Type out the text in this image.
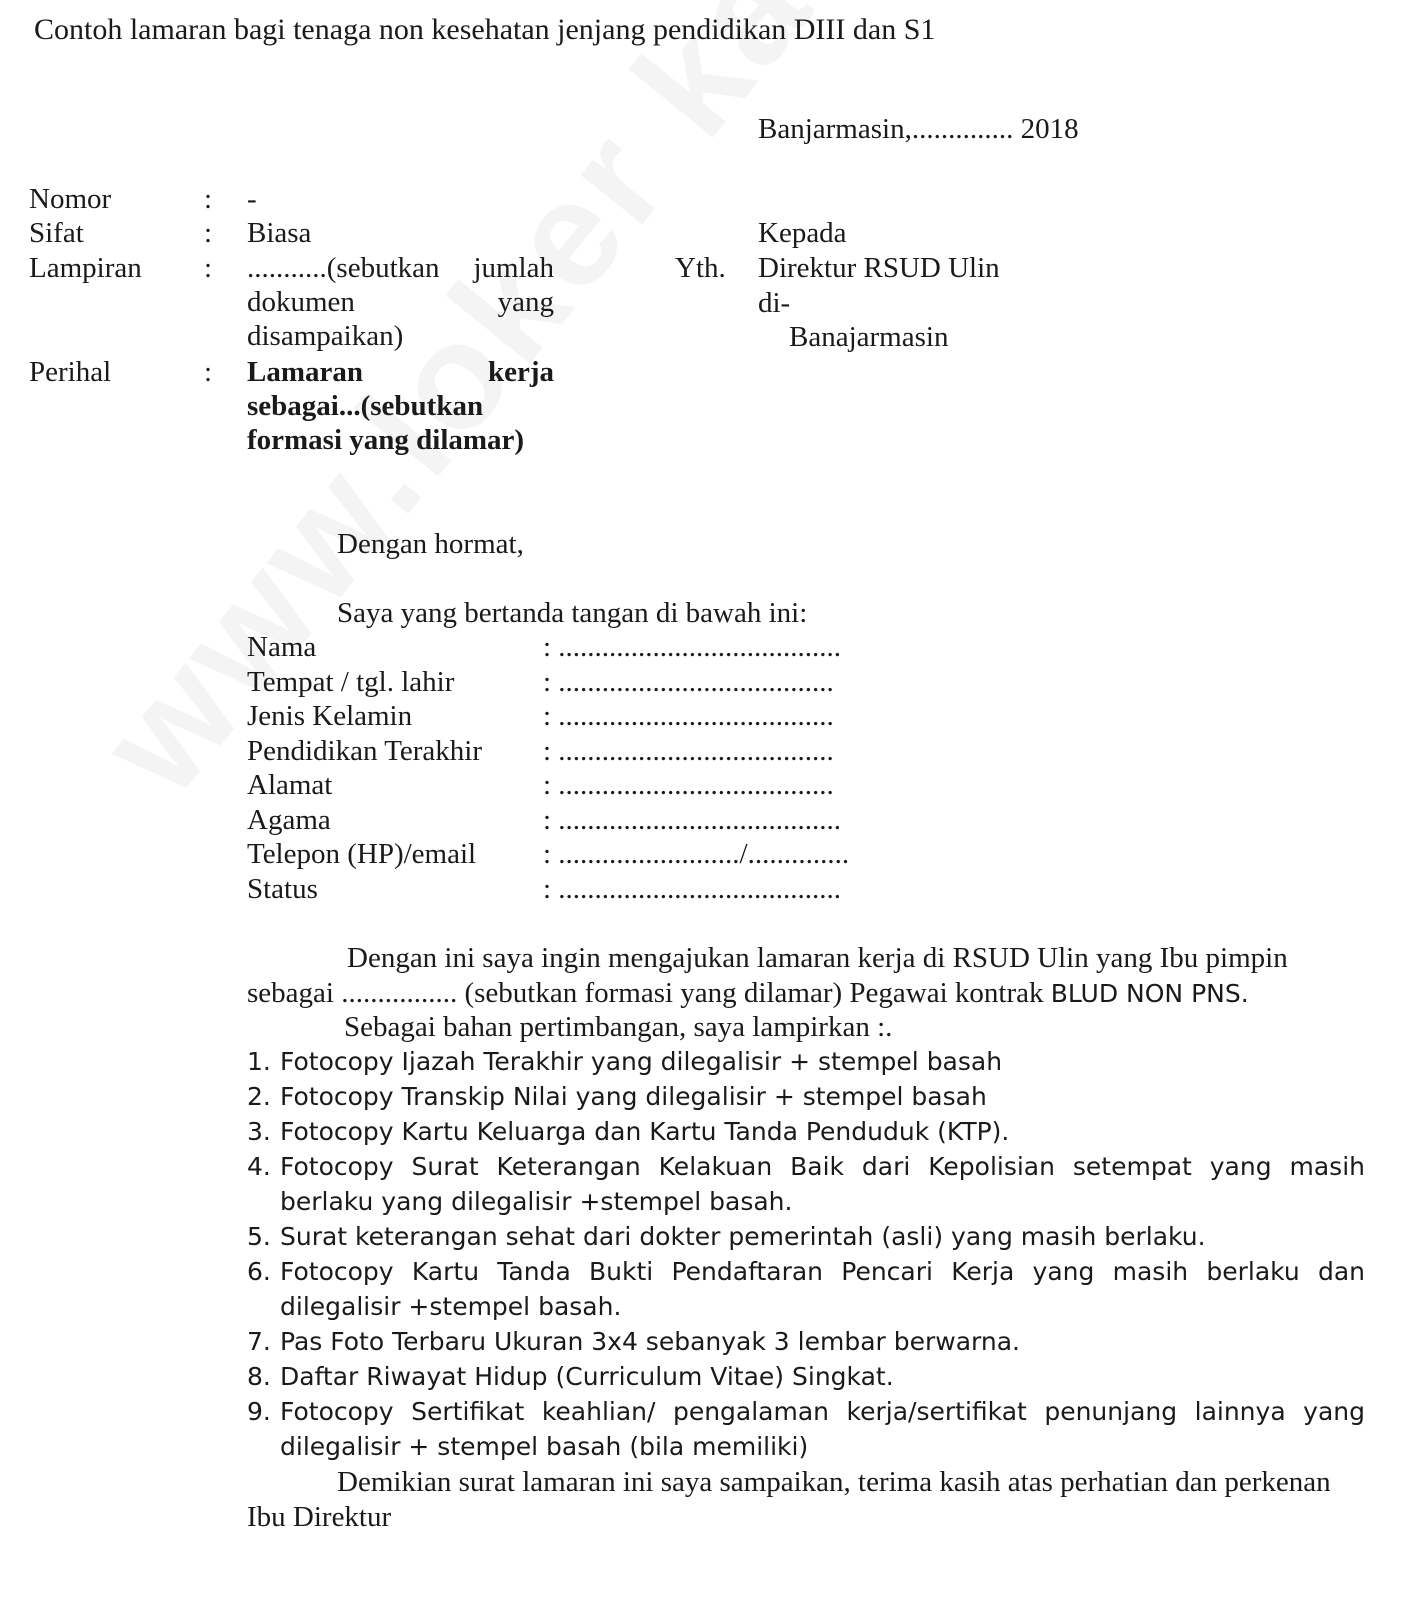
Contoh lamaran bagi tenaga non kesehatan jenjang pendidikan DIII dan S1
Banjarmasin,.............. 2018
Nomor	: -
Sifat	: Biasa
Lampiran : ...........(sebutkan jumlah
dokumen yang
disampaikan)
Perihal	: Lamaran kerja
sebagai...(sebutkan
formasi yang dilamar)
Kepada
Yth. Direktur RSUD Ulin
di-
Banajarmasin
Dengan hormat,
Saya yang bertanda tangan di bawah ini:
Nama	: .......................................
Tempat / tgl. lahir	: ......................................
Jenis Kelamin	: ......................................
Pendidikan Terakhir : ......................................
Alamat	: ......................................
Agama	: .......................................
Telepon (HP)/email : ........................./..............
Status	: .......................................
Dengan ini saya ingin mengajukan lamaran kerja di RSUD Ulin yang Ibu pimpin
sebagai ................ (sebutkan formasi yang dilamar) Pegawai kontrak BLUD NON PNS.
Sebagai bahan pertimbangan, saya lampirkan :.
1. Fotocopy Ijazah Terakhir yang dilegalisir + stempel basah
2. Fotocopy Transkip Nilai yang dilegalisir + stempel basah
3. Fotocopy Kartu Keluarga dan Kartu Tanda Penduduk (KTP).
4. Fotocopy Surat Keterangan Kelakuan Baik dari Kepolisian setempat yang masih berlaku yang dilegalisir +stempel basah.
5. Surat keterangan sehat dari dokter pemerintah (asli) yang masih berlaku.
6. Fotocopy Kartu Tanda Bukti Pendaftaran Pencari Kerja yang masih berlaku dan dilegalisir +stempel basah.
7. Pas Foto Terbaru Ukuran 3x4 sebanyak 3 lembar berwarna.
8. Daftar Riwayat Hidup (Curriculum Vitae) Singkat.
9. Fotocopy Sertifikat keahlian/ pengalaman kerja/sertifikat penunjang lainnya yang dilegalisir + stempel basah (bila memiliki)
Demikian surat lamaran ini saya sampaikan, terima kasih atas perhatian dan perkenan
Ibu Direktur
